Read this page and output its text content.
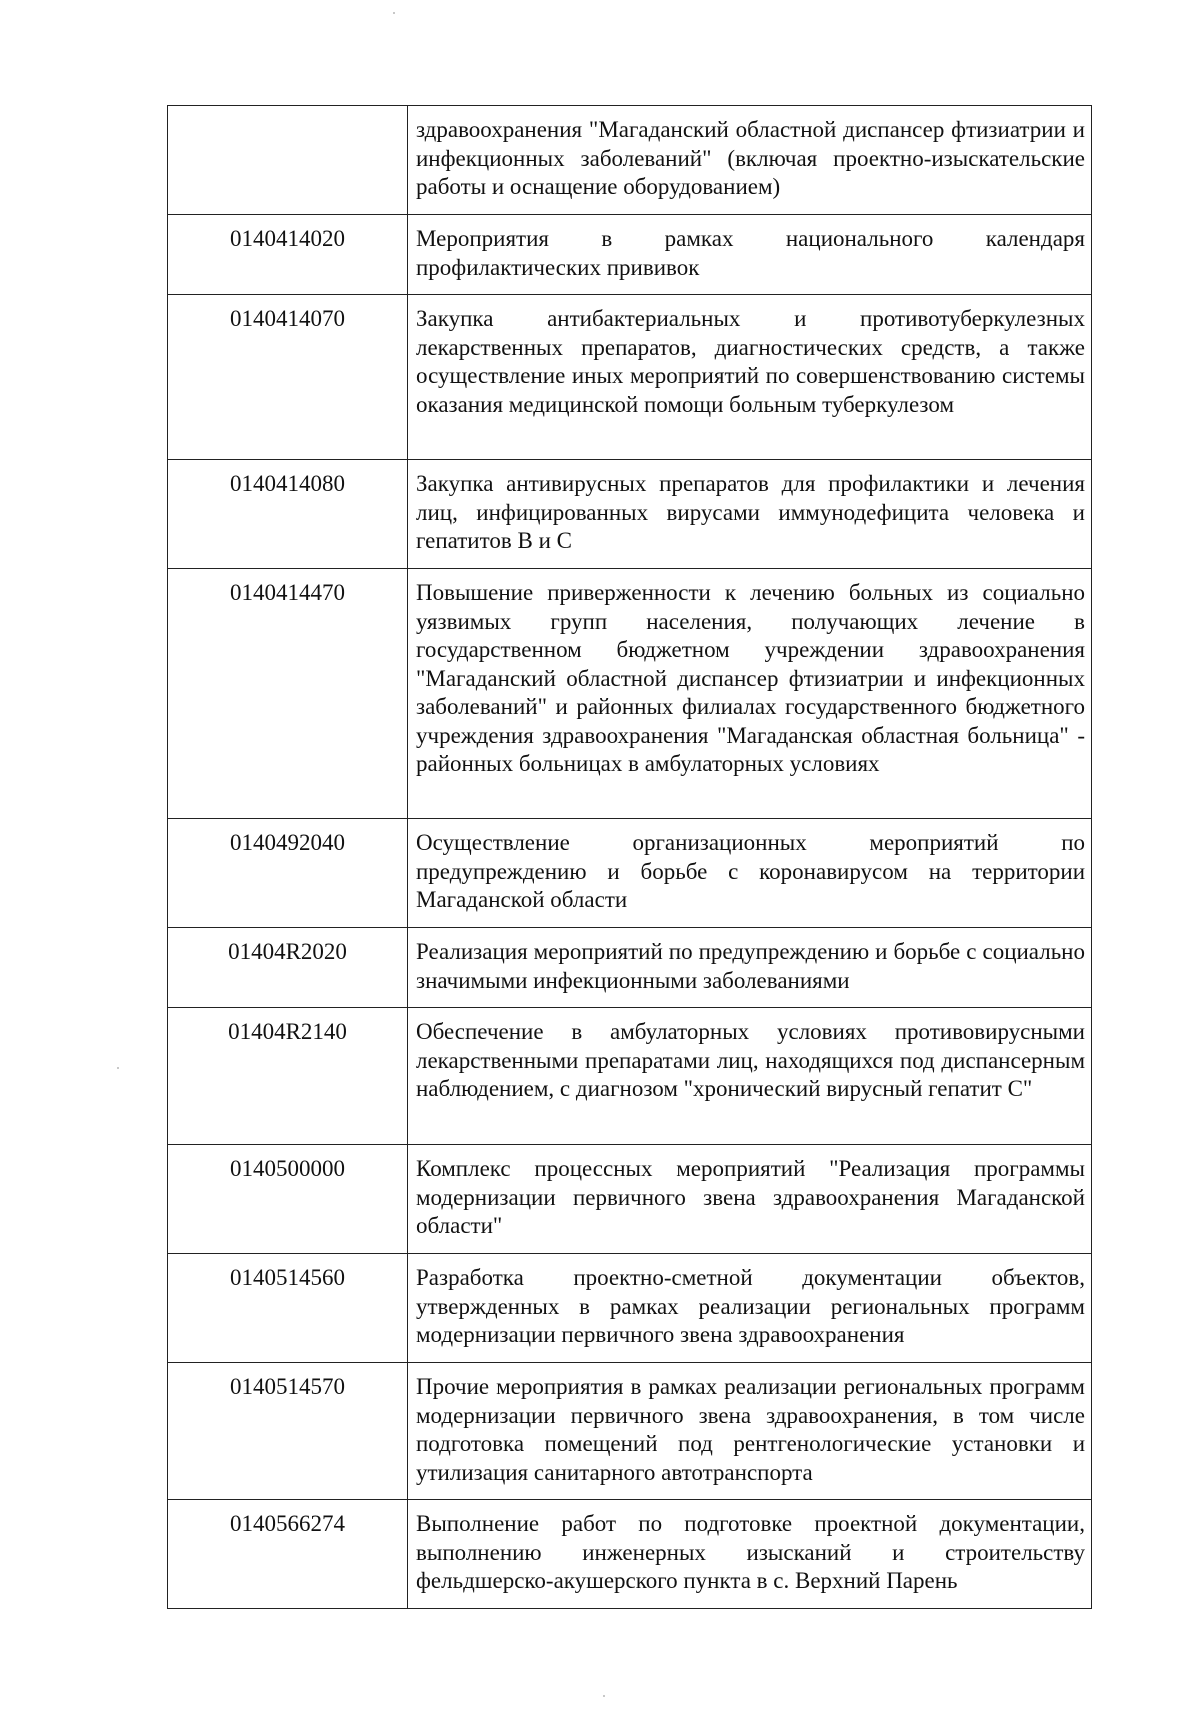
	здравоохранения "Магаданский областной диспансер фтизиатрии и инфекционных заболеваний" (включая проектно-изыскательские работы и оснащение оборудованием)
0140414020	Мероприятия в рамках национального календаря профилактических прививок
0140414070	Закупка антибактериальных и противотуберкулезных лекарственных препаратов, диагностических средств, а также осуществление иных мероприятий по совершенствованию системы оказания медицинской помощи больным туберкулезом
0140414080	Закупка антивирусных препаратов для профилактики и лечения лиц, инфицированных вирусами иммунодефицита человека и гепатитов В и С
0140414470	Повышение приверженности к лечению больных из социально уязвимых групп населения, получающих лечение в государственном бюджетном учреждении здравоохранения "Магаданский областной диспансер фтизиатрии и инфекционных заболеваний" и районных филиалах государственного бюджетного учреждения здравоохранения "Магаданская областная больница" - районных больницах в амбулаторных условиях
0140492040	Осуществление организационных мероприятий по предупреждению и борьбе с коронавирусом на территории Магаданской области
01404R2020	Реализация мероприятий по предупреждению и борьбе с социально значимыми инфекционными заболеваниями
01404R2140	Обеспечение в амбулаторных условиях противовирусными лекарственными препаратами лиц, находящихся под диспансерным наблюдением, с диагнозом "хронический вирусный гепатит С"
0140500000	Комплекс процессных мероприятий "Реализация программы модернизации первичного звена здравоохранения Магаданской области"
0140514560	Разработка проектно-сметной документации объектов, утвержденных в рамках реализации региональных программ модернизации первичного звена здравоохранения
0140514570	Прочие мероприятия в рамках реализации региональных программ модернизации первичного звена здравоохранения, в том числе подготовка помещений под рентгенологические установки и утилизация санитарного автотранспорта
0140566274	Выполнение работ по подготовке проектной документации, выполнению инженерных изысканий и строительству фельдшерско-акушерского пункта в с. Верхний Парень
